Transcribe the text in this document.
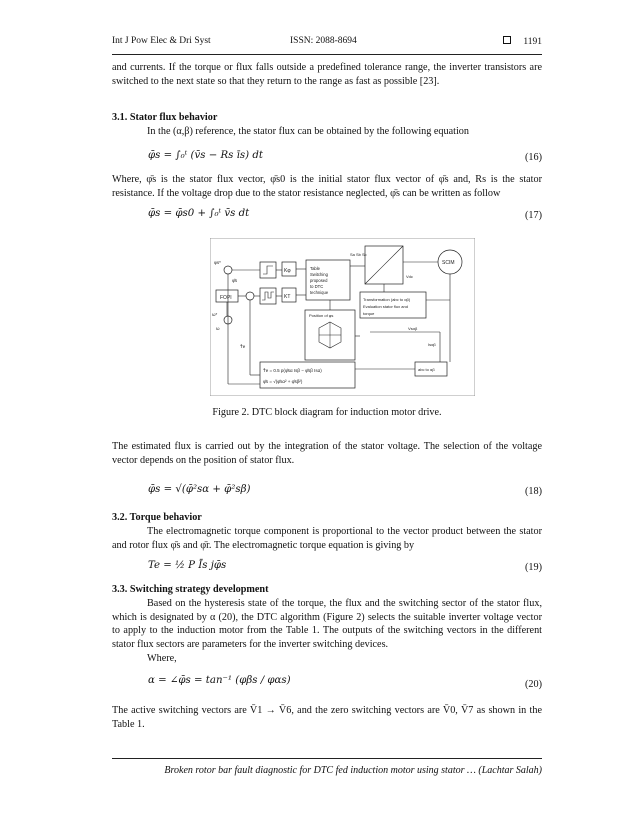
Int J Pow Elec & Dri Syst	ISSN: 2088-8694	1191
and currents. If the torque or flux falls outside a predefined tolerance range, the inverter transistors are switched to the next state so that they return to the range as fast as possible [23].
3.1. Stator flux behavior
In the (α,β) reference, the stator flux can be obtained by the following equation
φ̄s = ∫₀ᵗ (v̄s − Rs īs) dt	(16)
Where, φ̄s is the stator flux vector, φ̄s0 is the initial stator flux vector of φ̄s and, Rs is the stator resistance. If the voltage drop due to the stator resistance neglected, φ̄s can be written as follow
φ̄s = φ̄s0 + ∫₀ᵗ v̄s dt	(17)
FOPI
Kφ
KT
Table
Switching
proposed
to DTC
technique
Sa Sb Sc
Vdc
SCIM
Transformation (abc to αβ)
Evaluation stator flux and
torque
Position of φs
T̂e = 0.5 p(φ̂sα Isβ − φ̂sβ Isα)
φ̂s = √(φ̂sα² + φ̂sβ²)
abc to αβ
Vsαβ
Isαβ
φs*
ω*
ω
T̂e
φ̂s
Figure 2. DTC block diagram for induction motor drive.
The estimated flux is carried out by the integration of the stator voltage. The selection of the voltage vector depends on the position of stator flux.
φ̄s = √(φ̄²sα + φ̄²sβ)	(18)
3.2. Torque behavior
The electromagnetic torque component is proportional to the vector product between the stator and rotor flux φ̄s and φ̄r. The electromagnetic torque equation is giving by
Te = ½ P Īs jφ̄s	(19)
3.3. Switching strategy development
Based on the hysteresis state of the torque, the flux and the switching sector of the stator flux, which is designated by α (20), the DTC algorithm (Figure 2) selects the suitable inverter voltage vector to apply to the induction motor from the Table 1. The outputs of the switching vectors in the different stator flux sectors are parameters for the inverter switching devices.
Where,
α = ∠φ̄s = tan⁻¹ (φβs / φαs)	(20)
The active switching vectors are V̄1 → V̄6, and the zero switching vectors are V̄0, V̄7 as shown in the Table 1.
Broken rotor bar fault diagnostic for DTC fed induction motor using stator … (Lachtar Salah)
